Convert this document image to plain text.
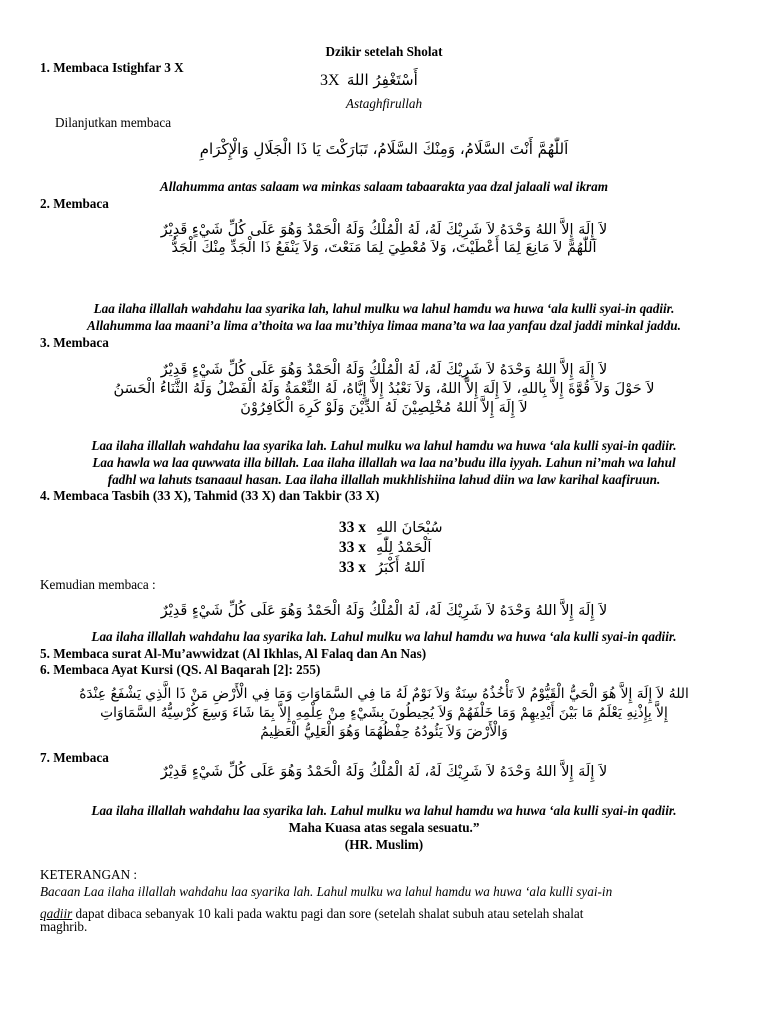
Dzikir setelah Sholat
1. Membaca Istighfar 3 X
3X أَسْتَغْفِرُ اللهَ
Astaghfirullah
Dilanjutkan membaca
اَللّٰهُمَّ أَنْتَ السَّلَامُ، وَمِنْكَ السَّلَامُ، تَبَارَكْتَ يَا ذَا الْجَلَالِ وَالْإِكْرَامِ
Allahumma antas salaam wa minkas salaam tabaarakta yaa dzal jalaali wal ikram
2. Membaca
لاَ إِلَهَ إِلاَّ اللهُ وَحْدَهُ لاَ شَرِيْكَ لَهُ، لَهُ الْمُلْكُ وَلَهُ الْحَمْدُ وَهُوَ عَلَى كُلِّ شَيْءٍ قَدِيْرٌ
اَللّٰهُمَّ لاَ مَانِعَ لِمَا أَعْطَيْتَ، وَلاَ مُعْطِيَ لِمَا مَنَعْتَ، وَلاَ يَنْفَعُ ذَا الْجَدِّ مِنْكَ الْجَدُّ
Laa ilaha illallah wahdahu laa syarika lah, lahul mulku wa lahul hamdu wa huwa ‘ala kulli syai-in qadiir.
Allahumma laa maani’a lima a’thoita wa laa mu’thiya limaa mana’ta wa laa yanfau dzal jaddi minkal jaddu.
3. Membaca
لاَ إِلَهَ إِلاَّ اللهُ وَحْدَهُ لاَ شَرِيْكَ لَهُ، لَهُ الْمُلْكُ وَلَهُ الْحَمْدُ وَهُوَ عَلَى كُلِّ شَيْءٍ قَدِيْرٌ
لاَ حَوْلَ وَلاَ قُوَّةَ إِلاَّ بِاللهِ، لاَ إِلَهَ إِلاَّ اللهُ، وَلاَ نَعْبُدُ إِلاَّ إِيَّاهُ، لَهُ النِّعْمَةُ وَلَهُ الْفَضْلُ وَلَهُ الثَّنَاءُ الْحَسَنُ
لاَ إِلَهَ إِلاَّ اللهُ مُخْلِصِيْنَ لَهُ الدِّيْنَ وَلَوْ كَرِهَ الْكَافِرُوْنَ
Laa ilaha illallah wahdahu laa syarika lah. Lahul mulku wa lahul hamdu wa huwa ‘ala kulli syai-in qadiir.
Laa hawla wa laa quwwata illa billah. Laa ilaha illallah wa laa na’budu illa iyyah. Lahun ni’mah wa lahul
fadhl wa lahuts tsanaaul hasan. Laa ilaha illallah mukhlishiina lahud diin wa law karihal kaafiruun.
4. Membaca Tasbih (33 X), Tahmid (33 X) dan Takbir (33 X)
33 x سُبْحَانَ اللهِ
33 x اَلْحَمْدُ لِلّٰهِ
33 x اَللهُ أَكْبَرُ
Kemudian membaca :
لاَ إِلَهَ إِلاَّ اللهُ وَحْدَهُ لاَ شَرِيْكَ لَهُ، لَهُ الْمُلْكُ وَلَهُ الْحَمْدُ وَهُوَ عَلَى كُلِّ شَيْءٍ قَدِيْرٌ
Laa ilaha illallah wahdahu laa syarika lah. Lahul mulku wa lahul hamdu wa huwa ‘ala kulli syai-in qadiir.
5. Membaca surat Al-Mu’awwidzat (Al Ikhlas, Al Falaq dan An Nas)
6. Membaca Ayat Kursi (QS. Al Baqarah [2]: 255)
اللهُ لاَ إِلَهَ إِلاَّ هُوَ الْحَيُّ الْقَيُّوْمُ لاَ تَأْخُذُهُ سِنَةٌ وَلاَ نَوْمٌ لَهُ مَا فِي السَّمَاوَاتِ وَمَا فِي الْأَرْضِ مَنْ ذَا الَّذِي يَشْفَعُ عِنْدَهُ
إِلاَّ بِإِذْنِهِ يَعْلَمُ مَا بَيْنَ أَيْدِيهِمْ وَمَا خَلْفَهُمْ وَلاَ يُحِيطُونَ بِشَيْءٍ مِنْ عِلْمِهِ إِلاَّ بِمَا شَاءَ وَسِعَ كُرْسِيُّهُ السَّمَاوَاتِ
وَالْأَرْضَ وَلاَ يَئُودُهُ حِفْظُهُمَا وَهُوَ الْعَلِيُّ الْعَظِيمُ
7. Membaca
لاَ إِلَهَ إِلاَّ اللهُ وَحْدَهُ لاَ شَرِيْكَ لَهُ، لَهُ الْمُلْكُ وَلَهُ الْحَمْدُ وَهُوَ عَلَى كُلِّ شَيْءٍ قَدِيْرٌ
Laa ilaha illallah wahdahu laa syarika lah. Lahul mulku wa lahul hamdu wa huwa ‘ala kulli syai-in qadiir.
Maha Kuasa atas segala sesuatu.”
(HR. Muslim)
KETERANGAN :
Bacaan Laa ilaha illallah wahdahu laa syarika lah. Lahul mulku wa lahul hamdu wa huwa ‘ala kulli syai-in
qadiir dapat dibaca sebanyak 10 kali pada waktu pagi dan sore (setelah shalat subuh atau setelah shalat
maghrib.
